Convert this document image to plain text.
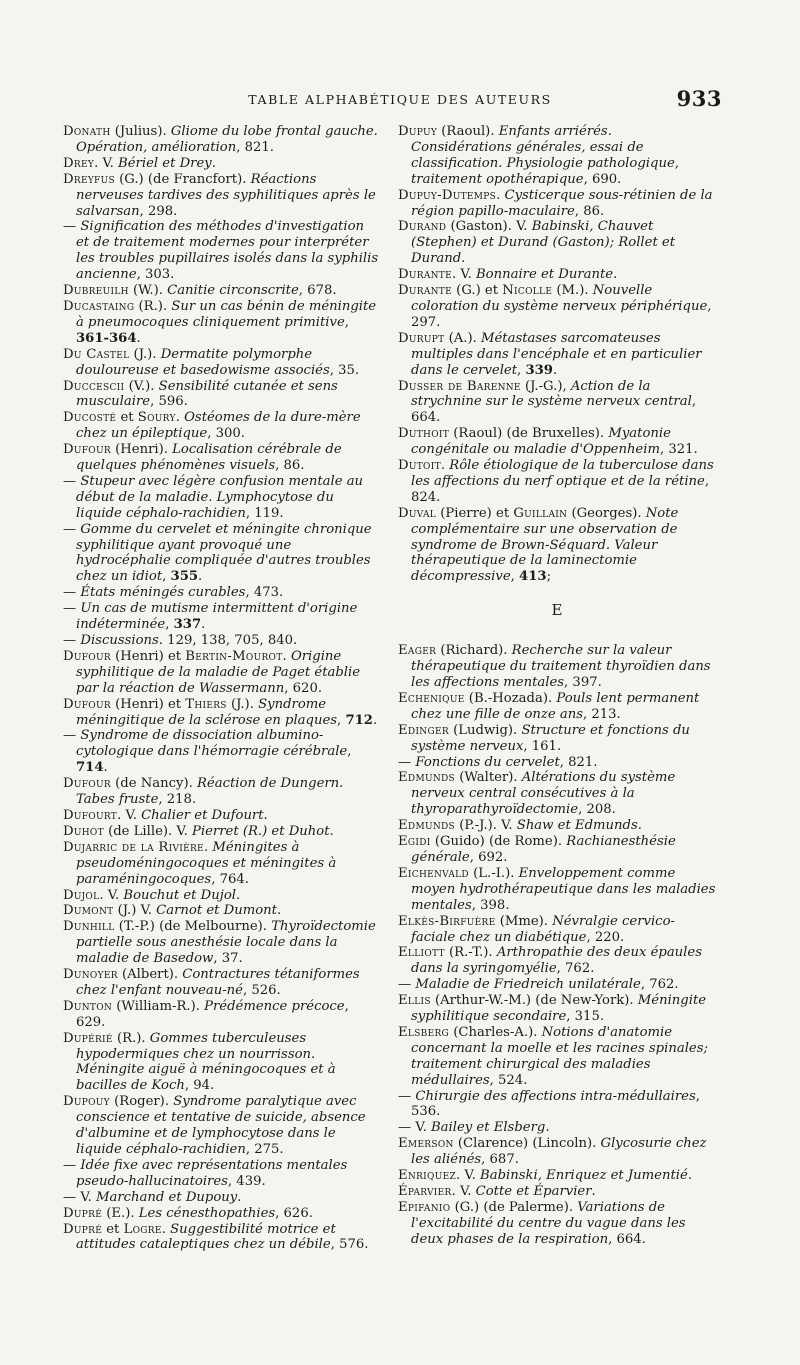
TABLE ALPHABÉTIQUE DES AUTEURS	933

Donath (Julius). Gliome du lobe frontal gauche. Opération, amélioration, 821.

Drey. V. Bériel et Drey.

Dreyfus (G.) (de Francfort). Réactions nerveuses tardives des syphilitiques après le salvarsan, 298.

— Signification des méthodes d'investigation et de traitement modernes pour interpréter les troubles pupillaires isolés dans la syphilis ancienne, 303.

Dubreuilh (W.). Canitie circonscrite, 678.

Ducastaing (R.). Sur un cas bénin de méningite à pneumocoques cliniquement primitive, 361-364.

Du Castel (J.). Dermatite polymorphe douloureuse et basedowisme associés, 35.

Duccescii (V.). Sensibilité cutanée et sens musculaire, 596.

Ducosté et Soury. Ostéomes de la dure-mère chez un épileptique, 300.

Dufour (Henri). Localisation cérébrale de quelques phénomènes visuels, 86.

— Stupeur avec légère confusion mentale au début de la maladie. Lymphocytose du liquide céphalo-rachidien, 119.

— Gomme du cervelet et méningite chronique syphilitique ayant provoqué une hydrocéphalie compliquée d'autres troubles chez un idiot, 355.

— États méningés curables, 473.

— Un cas de mutisme intermittent d'origine indéterminée, 337.

— Discussions. 129, 138, 705, 840.

Dufour (Henri) et Bertin-Mourot. Origine syphilitique de la maladie de Paget établie par la réaction de Wassermann, 620.

Dufour (Henri) et Thiers (J.). Syndrome méningitique de la sclérose en plaques, 712.

— Syndrome de dissociation albumino-cytologique dans l'hémorragie cérébrale, 714.

Dufour (de Nancy). Réaction de Dungern. Tabes fruste, 218.

Dufourt. V. Chalier et Dufourt.

Duhot (de Lille). V. Pierret (R.) et Duhot.

Dujarric de la Rivière. Méningites à pseudoméningocoques et méningites à paraméningocoques, 764.

Dujol. V. Bouchut et Dujol.

Dumont (J.) V. Carnot et Dumont.

Dunhill (T.-P.) (de Melbourne). Thyroïdectomie partielle sous anesthésie locale dans la maladie de Basedow, 37.

Dunoyer (Albert). Contractures tétaniformes chez l'enfant nouveau-né, 526.

Dunton (William-R.). Prédémence précoce, 629.

Dupérié (R.). Gommes tuberculeuses hypodermiques chez un nourrisson. Méningite aiguë à méningocoques et à bacilles de Koch, 94.

Dupouy (Roger). Syndrome paralytique avec conscience et tentative de suicide, absence d'albumine et de lymphocytose dans le liquide céphalo-rachidien, 275.

— Idée fixe avec représentations mentales pseudo-hallucinatoires, 439.

— V. Marchand et Dupouy.

Dupré (E.). Les cénesthopathies, 626.

Dupré et Logre. Suggestibilité motrice et attitudes cataleptiques chez un débile, 576.

Dupuy (Raoul). Enfants arriérés. Considérations générales, essai de classification. Physiologie pathologique, traitement opothérapique, 690.

Dupuy-Dutemps. Cysticerque sous-rétinien de la région papillo-maculaire, 86.

Durand (Gaston). V. Babinski, Chauvet (Stephen) et Durand (Gaston); Rollet et Durand.

Durante. V. Bonnaire et Durante.

Durante (G.) et Nicolle (M.). Nouvelle coloration du système nerveux périphérique, 297.

Durupt (A.). Métastases sarcomateuses multiples dans l'encéphale et en particulier dans le cervelet, 339.

Dusser de Barenne (J.-G.), Action de la strychnine sur le système nerveux central, 664.

Duthoit (Raoul) (de Bruxelles). Myatonie congénitale ou maladie d'Oppenheim, 321.

Dutoit. Rôle étiologique de la tuberculose dans les affections du nerf optique et de la rétine, 824.

Duval (Pierre) et Guillain (Georges). Note complémentaire sur une observation de syndrome de Brown-Séquard. Valeur thérapeutique de la laminectomie décompressive, 413;

E

Eager (Richard). Recherche sur la valeur thérapeutique du traitement thyroïdien dans les affections mentales, 397.

Echenique (B.-Hozada). Pouls lent permanent chez une fille de onze ans, 213.

Edinger (Ludwig). Structure et fonctions du système nerveux, 161.

— Fonctions du cervelet, 821.

Edmunds (Walter). Altérations du système nerveux central consécutives à la thyroparathyroïdectomie, 208.

Edmunds (P.-J.). V. Shaw et Edmunds.

Egidi (Guido) (de Rome). Rachianesthésie générale, 692.

Eichenvald (L.-I.). Enveloppement comme moyen hydrothérapeutique dans les maladies mentales, 398.

Elkès-Birfuère (Mme). Névralgie cervico-faciale chez un diabétique, 220.

Elliott (R.-T.). Arthropathie des deux épaules dans la syringomyélie, 762.

— Maladie de Friedreich unilatérale, 762.

Ellis (Arthur-W.-M.) (de New-York). Méningite syphilitique secondaire, 315.

Elsberg (Charles-A.). Notions d'anatomie concernant la moelle et les racines spinales; traitement chirurgical des maladies médullaires, 524.

— Chirurgie des affections intra-médullaires, 536.

— V. Bailey et Elsberg.

Emerson (Clarence) (Lincoln). Glycosurie chez les aliénés, 687.

Enriquez. V. Babinski, Enriquez et Jumentié.

Éparvier. V. Cotte et Éparvier.

Epifanio (G.) (de Palerme). Variations de l'excitabilité du centre du vague dans les deux phases de la respiration, 664.
